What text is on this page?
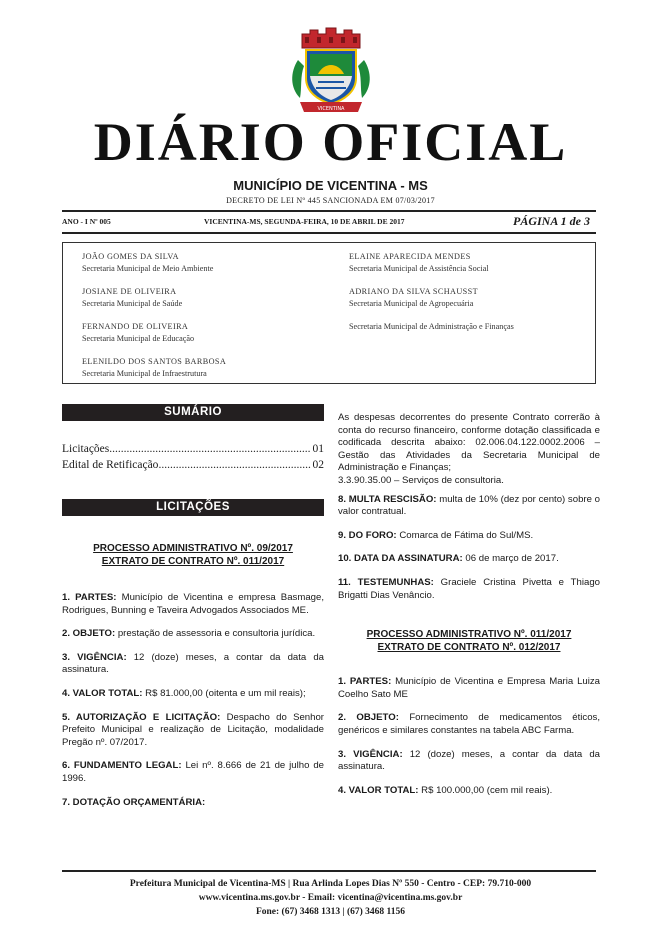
VICENTINA
DIÁRIO OFICIAL
MUNICÍPIO DE VICENTINA - MS
DECRETO DE LEI Nº 445 SANCIONADA EM 07/03/2017
ANO - I Nº 005	VICENTINA-MS, SEGUNDA-FEIRA, 10 DE ABRIL DE 2017	PÁGINA 1 de 3
JOÃO GOMES DA SILVA
Secretaria Municipal de Meio Ambiente
JOSIANE DE OLIVEIRA
Secretaria Municipal de Saúde
FERNANDO DE OLIVEIRA
Secretaria Municipal de Educação
ELENILDO DOS SANTOS BARBOSA
Secretaria Municipal de Infraestrutura
ELAINE APARECIDA MENDES
Secretaria Municipal de Assistência Social
ADRIANO DA SILVA SCHAUSST
Secretaria Municipal de Agropecuária
Secretaria Municipal de Administração e Finanças
SUMÁRIO
Licitações .....	01
Edital de Retificação .....	02
LICITAÇÕES
PROCESSO ADMINISTRATIVO Nº. 09/2017
EXTRATO DE CONTRATO Nº. 011/2017

1. PARTES: Município de Vicentina e empresa Basmage, Rodrigues, Bunning e Taveira Advogados Associados ME.

2. OBJETO: prestação de assessoria e consultoria jurídica.

3. VIGÊNCIA: 12 (doze) meses, a contar da data da assinatura.

4. VALOR TOTAL: R$ 81.000,00 (oitenta e um mil reais);

5. AUTORIZAÇÃO E LICITAÇÃO: Despacho do Senhor Prefeito Municipal e realização de Licitação, modalidade Pregão nº. 07/2017.

6. FUNDAMENTO LEGAL: Lei nº. 8.666 de 21 de julho de 1996.

7. DOTAÇÃO ORÇAMENTÁRIA:

As despesas decorrentes do presente Contrato correrão à conta do recurso financeiro, conforme dotação classificada e codificada descrita abaixo: 02.006.04.122.0002.2006 – Gestão das Atividades da Secretaria Municipal de Administração e Finanças;

3.3.90.35.00 – Serviços de consultoria.

8. MULTA RESCISÃO: multa de 10% (dez por cento) sobre o valor contratual.

9. DO FORO: Comarca de Fátima do Sul/MS.

10. DATA DA ASSINATURA: 06 de março de 2017.

11. TESTEMUNHAS: Graciele Cristina Pivetta e Thiago Brigatti Dias Venâncio.

PROCESSO ADMINISTRATIVO Nº. 011/2017
EXTRATO DE CONTRATO Nº. 012/2017

1. PARTES: Município de Vicentina e Empresa Maria Luiza Coelho Sato ME

2. OBJETO: Fornecimento de medicamentos éticos, genéricos e similares constantes na tabela ABC Farma.

3. VIGÊNCIA: 12 (doze) meses, a contar da data da assinatura.

4. VALOR TOTAL: R$ 100.000,00 (cem mil reais).

Prefeitura Municipal de Vicentina-MS | Rua Arlinda Lopes Dias Nº 550 - Centro - CEP: 79.710-000
www.vicentina.ms.gov.br - Email: vicentina@vicentina.ms.gov.br
Fone: (67) 3468 1313 | (67) 3468 1156
